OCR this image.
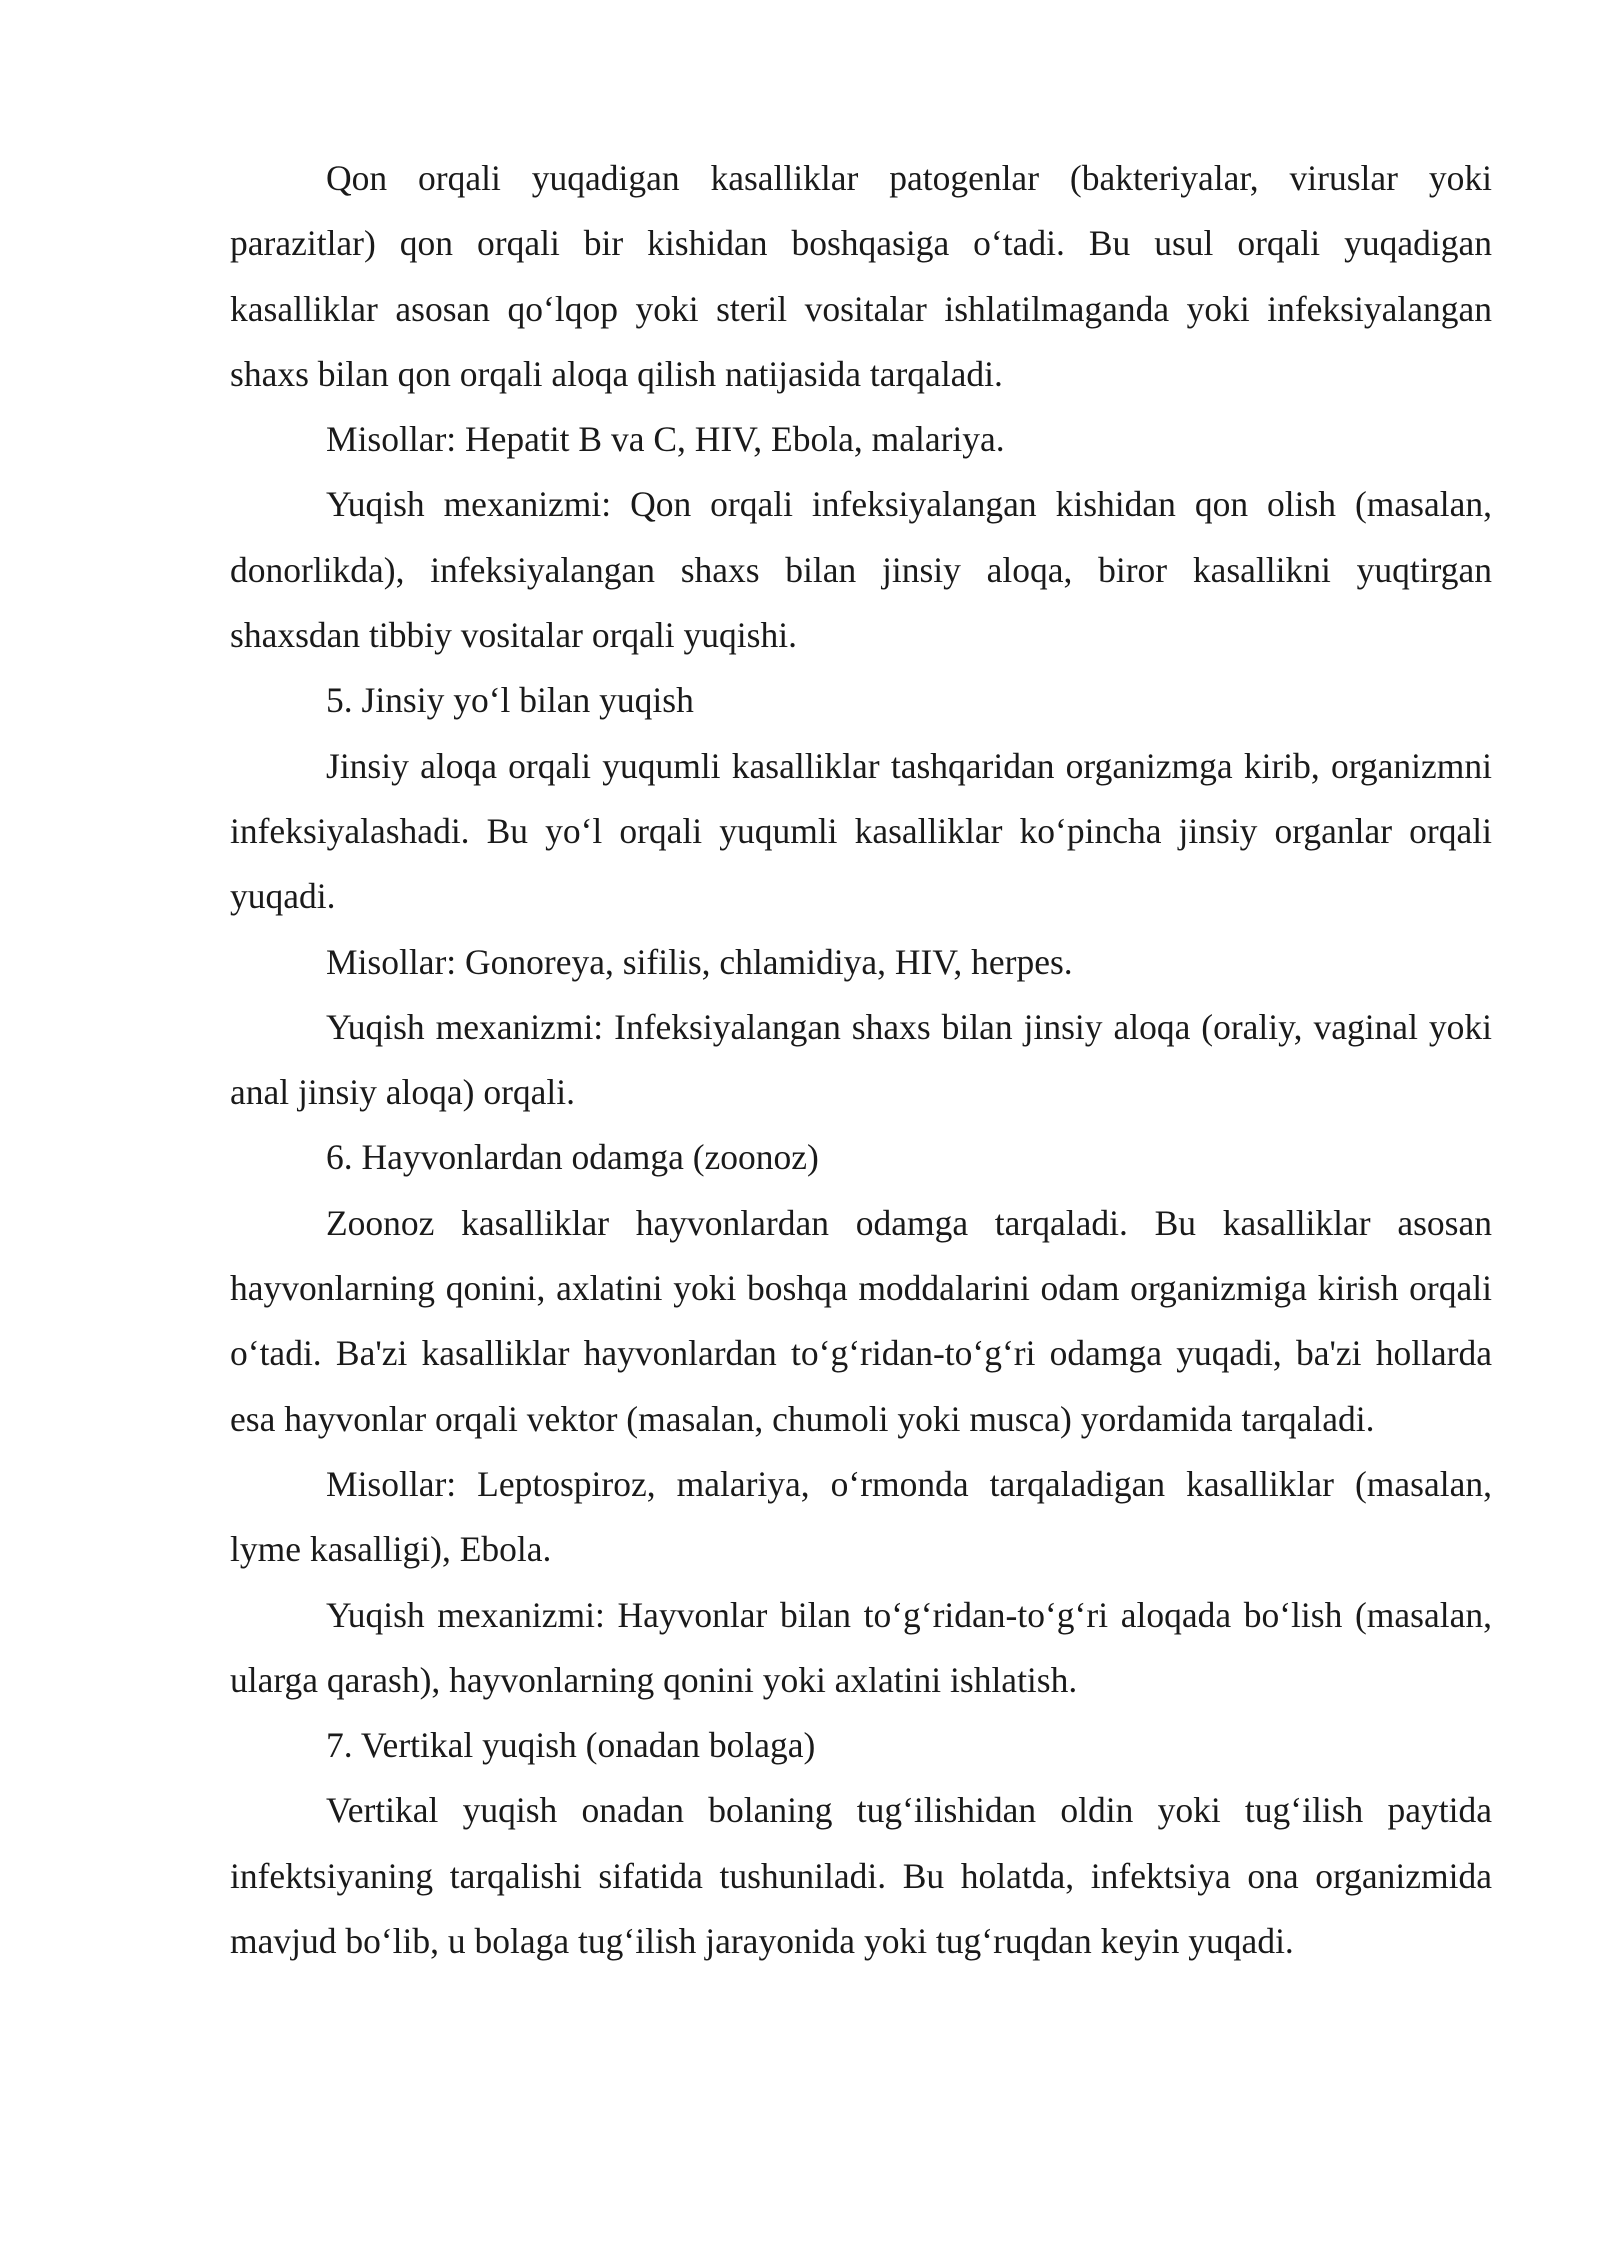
Qon orqali yuqadigan kasalliklar patogenlar (bakteriyalar, viruslar yoki parazitlar) qon orqali bir kishidan boshqasiga o‘tadi. Bu usul orqali yuqadigan kasalliklar asosan qo‘lqop yoki steril vositalar ishlatilmaganda yoki infeksiyalangan shaxs bilan qon orqali aloqa qilish natijasida tarqaladi.

Misollar: Hepatit B va C, HIV, Ebola, malariya.

Yuqish mexanizmi: Qon orqali infeksiyalangan kishidan qon olish (masalan, donorlikda), infeksiyalangan shaxs bilan jinsiy aloqa, biror kasallikni yuqtirgan shaxsdan tibbiy vositalar orqali yuqishi.

5. Jinsiy yo‘l bilan yuqish

Jinsiy aloqa orqali yuqumli kasalliklar tashqaridan organizmga kirib, organizmni infeksiyalashadi. Bu yo‘l orqali yuqumli kasalliklar ko‘pincha jinsiy organlar orqali yuqadi.

Misollar: Gonoreya, sifilis, chlamidiya, HIV, herpes.

Yuqish mexanizmi: Infeksiyalangan shaxs bilan jinsiy aloqa (oraliy, vaginal yoki anal jinsiy aloqa) orqali.

6. Hayvonlardan odamga (zoonoz)

Zoonoz kasalliklar hayvonlardan odamga tarqaladi. Bu kasalliklar asosan hayvonlarning qonini, axlatini yoki boshqa moddalarini odam organizmiga kirish orqali o‘tadi. Ba'zi kasalliklar hayvonlardan to‘g‘ridan-to‘g‘ri odamga yuqadi, ba'zi hollarda esa hayvonlar orqali vektor (masalan, chumoli yoki musca) yordamida tarqaladi.

Misollar: Leptospiroz, malariya, o‘rmonda tarqaladigan kasalliklar (masalan, lyme kasalligi), Ebola.

Yuqish mexanizmi: Hayvonlar bilan to‘g‘ridan-to‘g‘ri aloqada bo‘lish (masalan, ularga qarash), hayvonlarning qonini yoki axlatini ishlatish.

7. Vertikal yuqish (onadan bolaga)

Vertikal yuqish onadan bolaning tug‘ilishidan oldin yoki tug‘ilish paytida infektsiyaning tarqalishi sifatida tushuniladi. Bu holatda, infektsiya ona organizmida mavjud bo‘lib, u bolaga tug‘ilish jarayonida yoki tug‘ruqdan keyin yuqadi.
